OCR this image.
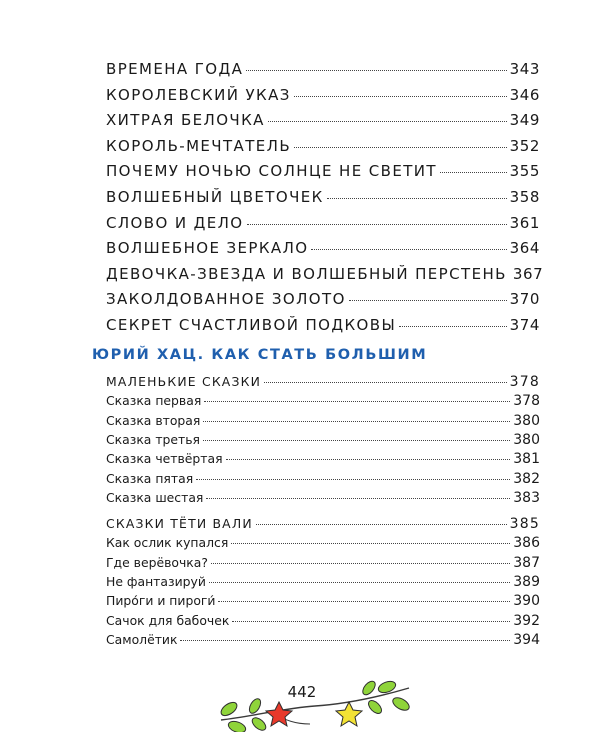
ВРЕМЕНА ГОДА	343
КОРОЛЕВСКИЙ УКАЗ	346
ХИТРАЯ БЕЛОЧКА	349
КОРОЛЬ-МЕЧТАТЕЛЬ	352
ПОЧЕМУ НОЧЬЮ СОЛНЦЕ НЕ СВЕТИТ	355
ВОЛШЕБНЫЙ ЦВЕТОЧЕК	358
СЛОВО И ДЕЛО	361
ВОЛШЕБНОЕ ЗЕРКАЛО	364
ДЕВОЧКА-ЗВЕЗДА И ВОЛШЕБНЫЙ ПЕРСТЕНЬ 367
ЗАКОЛДОВАННОЕ ЗОЛОТО	370
СЕКРЕТ СЧАСТЛИВОЙ ПОДКОВЫ	374
ЮРИЙ ХАЦ. КАК СТАТЬ БОЛЬШИМ
МАЛЕНЬКИЕ СКАЗКИ	378
Сказка первая	378
Сказка вторая	380
Сказка третья	380
Сказка четвёртая	381
Сказка пятая	382
Сказка шестая	383
СКАЗКИ ТЁТИ ВАЛИ	385
Как ослик купался	386
Где верёвочка?	387
Не фантазируй	389
Пиро́ги и пироги́	390
Сачок для бабочек	392
Самолётик	394
442
